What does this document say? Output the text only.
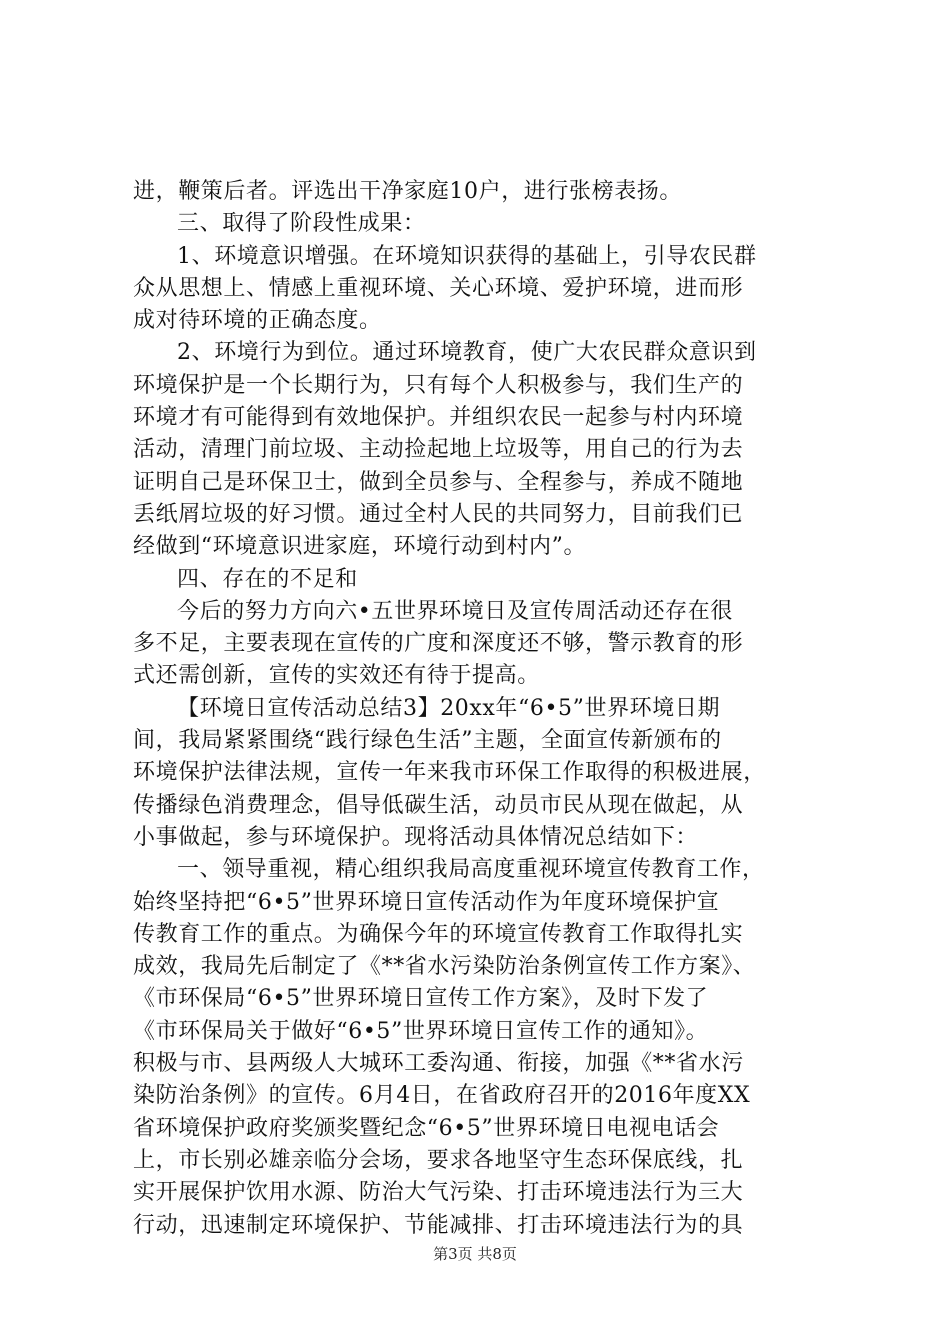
进，鞭策后者。评选出干净家庭10户，进行张榜表扬。
三、取得了阶段性成果：
1、环境意识增强。在环境知识获得的基础上，引导农民群
众从思想上、情感上重视环境、关心环境、爱护环境，进而形
成对待环境的正确态度。
2、环境行为到位。通过环境教育，使广大农民群众意识到
环境保护是一个长期行为，只有每个人积极参与，我们生产的
环境才有可能得到有效地保护。并组织农民一起参与村内环境
活动，清理门前垃圾、主动捡起地上垃圾等，用自己的行为去
证明自己是环保卫士，做到全员参与、全程参与，养成不随地
丢纸屑垃圾的好习惯。通过全村人民的共同努力，目前我们已
经做到“环境意识进家庭，环境行动到村内”。
四、存在的不足和
今后的努力方向六•五世界环境日及宣传周活动还存在很
多不足，主要表现在宣传的广度和深度还不够，警示教育的形
式还需创新，宣传的实效还有待于提高。
【环境日宣传活动总结3】20xx年“6•5”世界环境日期
间，我局紧紧围绕“践行绿色生活”主题，全面宣传新颁布的
环境保护法律法规，宣传一年来我市环保工作取得的积极进展，
传播绿色消费理念，倡导低碳生活，动员市民从现在做起，从
小事做起，参与环境保护。现将活动具体情况总结如下：
一、领导重视，精心组织我局高度重视环境宣传教育工作，
始终坚持把“6•5”世界环境日宣传活动作为年度环境保护宣
传教育工作的重点。为确保今年的环境宣传教育工作取得扎实
成效，我局先后制定了《**省水污染防治条例宣传工作方案》、
《市环保局“6•5”世界环境日宣传工作方案》，及时下发了
《市环保局关于做好“6•5”世界环境日宣传工作的通知》。
积极与市、县两级人大城环工委沟通、衔接，加强《**省水污
染防治条例》的宣传。6月4日，在省政府召开的2016年度XX
省环境保护政府奖颁奖暨纪念“6•5”世界环境日电视电话会
上，市长别必雄亲临分会场，要求各地坚守生态环保底线，扎
实开展保护饮用水源、防治大气污染、打击环境违法行为三大
行动，迅速制定环境保护、节能减排、打击环境违法行为的具
第3页 共8页
